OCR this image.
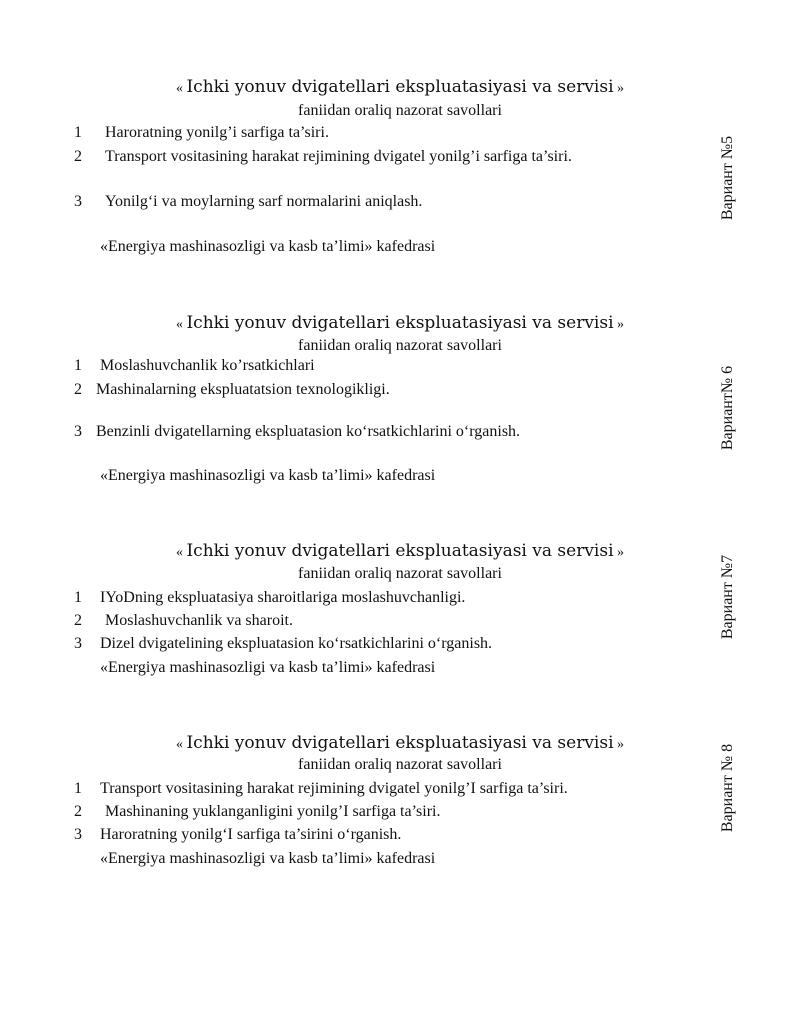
« Ichki yonuv dvigatellari ekspluatasiyasi va servisi »
faniidan oraliq nazorat savollari
1 Haroratning yonilg’i sarfiga ta’siri.
2 Transport vositasining harakat rejimining dvigatel yonilg’i sarfiga ta’siri.
3 Yonilg‘i va moylarning sarf normalarini aniqlash.
«Energiya mashinasozligi va kasb ta’limi» kafedrasi
Вариант №5
« Ichki yonuv dvigatellari ekspluatasiyasi va servisi »
faniidan oraliq nazorat savollari
1 Moslashuvchanlik ko’rsatkichlari
2 Mashinalarning ekspluatatsion texnologikligi.
3 Benzinli dvigatellarning ekspluatasion ko‘rsatkichlarini o‘rganish.
«Energiya mashinasozligi va kasb ta’limi» kafedrasi
Вариант№ 6
« Ichki yonuv dvigatellari ekspluatasiyasi va servisi »
faniidan oraliq nazorat savollari
1 IYoDning ekspluatasiya sharoitlariga moslashuvchanligi.
2 Moslashuvchanlik va sharoit.
3 Dizel dvigatelining ekspluatasion ko‘rsatkichlarini o‘rganish.
«Energiya mashinasozligi va kasb ta’limi» kafedrasi
Вариант №7
« Ichki yonuv dvigatellari ekspluatasiyasi va servisi »
faniidan oraliq nazorat savollari
1 Transport vositasining harakat rejimining dvigatel yonilg’I sarfiga ta’siri.
2 Mashinaning yuklanganligini yonilg’I sarfiga ta’siri.
3 Haroratning yonilg‘I sarfiga ta’sirini o‘rganish.
«Energiya mashinasozligi va kasb ta’limi» kafedrasi
Вариант № 8
